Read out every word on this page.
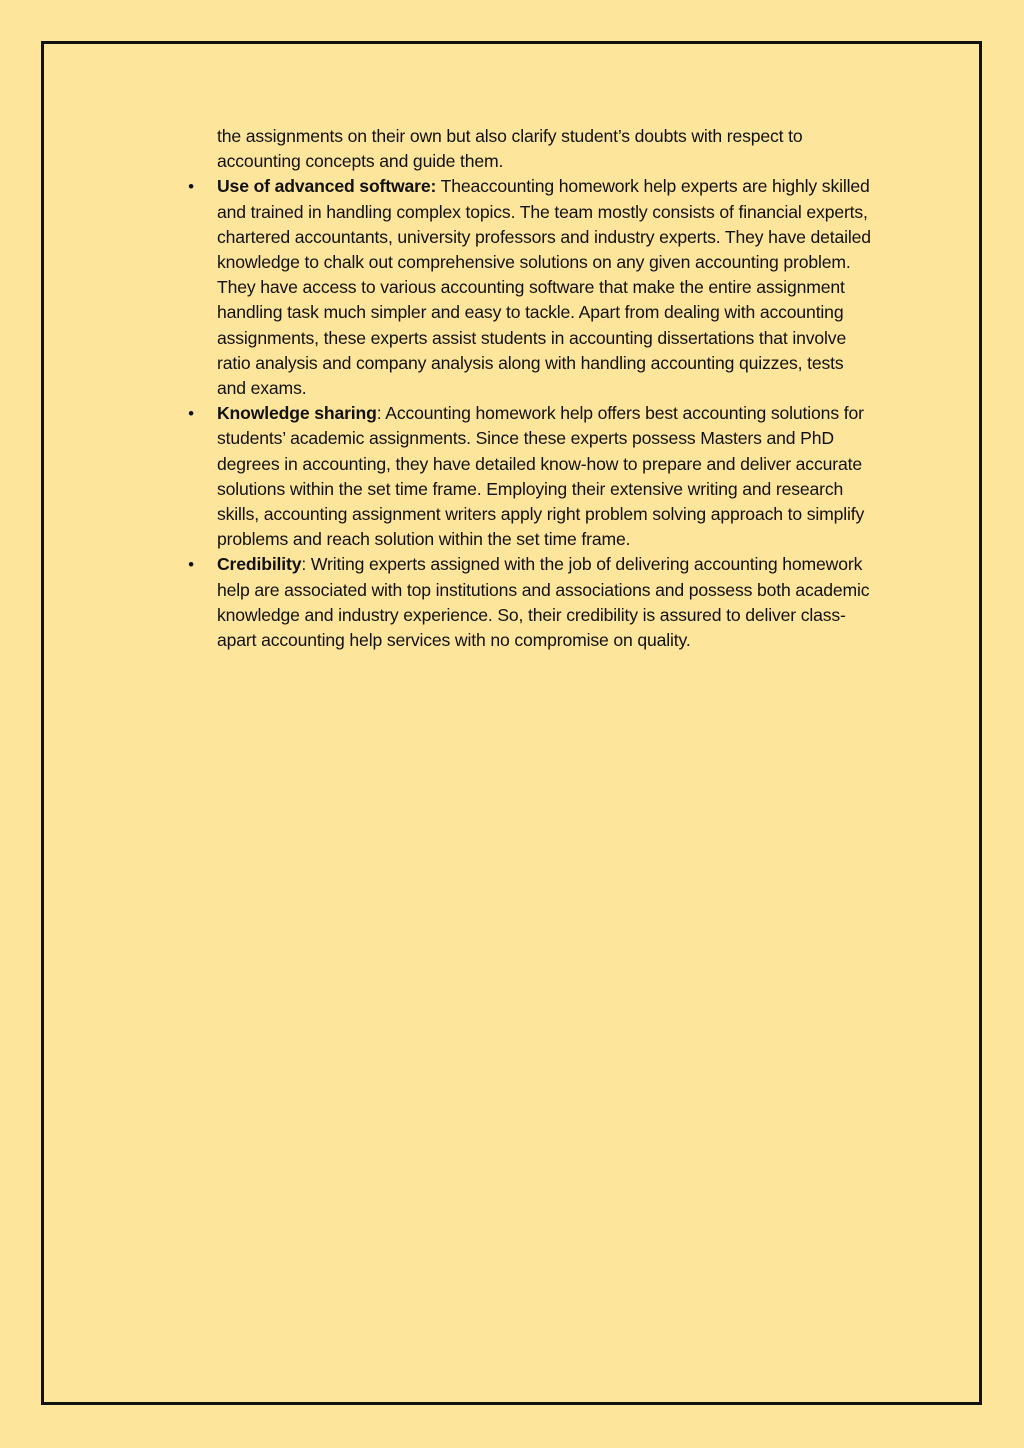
the assignments on their own but also clarify student’s doubts with respect to accounting concepts and guide them.

• Use of advanced software: Theaccounting homework help experts are highly skilled and trained in handling complex topics. The team mostly consists of financial experts, chartered accountants, university professors and industry experts. They have detailed knowledge to chalk out comprehensive solutions on any given accounting problem. They have access to various accounting software that make the entire assignment handling task much simpler and easy to tackle. Apart from dealing with accounting assignments, these experts assist students in accounting dissertations that involve ratio analysis and company analysis along with handling accounting quizzes, tests and exams.
• Knowledge sharing: Accounting homework help offers best accounting solutions for students’ academic assignments. Since these experts possess Masters and PhD degrees in accounting, they have detailed know-how to prepare and deliver accurate solutions within the set time frame. Employing their extensive writing and research skills, accounting assignment writers apply right problem solving approach to simplify problems and reach solution within the set time frame.
• Credibility: Writing experts assigned with the job of delivering accounting homework help are associated with top institutions and associations and possess both academic knowledge and industry experience. So, their credibility is assured to deliver class-apart accounting help services with no compromise on quality.
